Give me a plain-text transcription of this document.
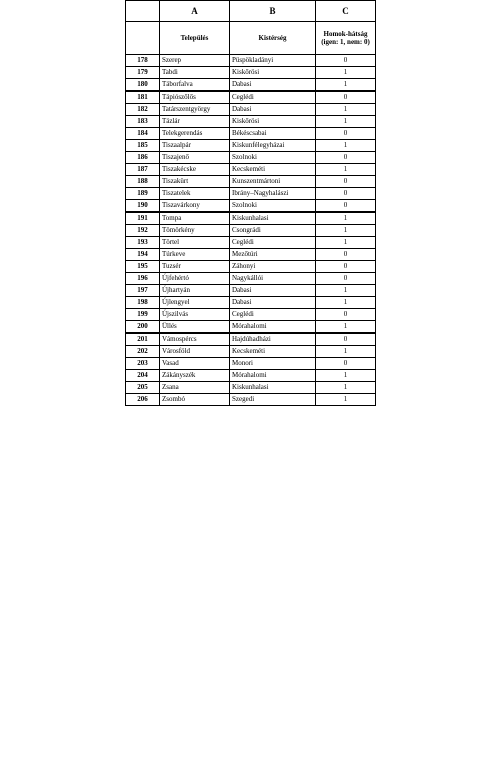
	A	B	C
	Település	Kistérség	Homok-hátság (igen: 1, nem: 0)
178	Szerep	Püspökladányi	0
179	Tabdi	Kiskőrösi	1
180	Táborfalva	Dabasi	1
181	Tápiószőlős	Ceglédi	0
182	Tatárszentgyörgy	Dabasi	1
183	Tázlár	Kiskőrösi	1
184	Telekgerendás	Békéscsabai	0
185	Tiszaalpár	Kiskunfélegyházai	1
186	Tiszajenő	Szolnoki	0
187	Tiszakécske	Kecskeméti	1
188	Tiszakürt	Kunszentmártoni	0
189	Tiszatelek	Ibrány–Nagyhalászi	0
190	Tiszavárkony	Szolnoki	0
191	Tompa	Kiskunhalasi	1
192	Tömörkény	Csongrádi	1
193	Törtel	Ceglédi	1
194	Túrkeve	Mezőtúri	0
195	Tuzsér	Záhonyi	0
196	Újfehértó	Nagykállói	0
197	Újhartyán	Dabasi	1
198	Újlengyel	Dabasi	1
199	Újszilvás	Ceglédi	0
200	Üllés	Mórahalomi	1
201	Vámospércs	Hajdúhadházi	0
202	Városföld	Kecskeméti	1
203	Vasad	Monori	0
204	Zákányszék	Mórahalomi	1
205	Zsana	Kiskunhalasi	1
206	Zsombó	Szegedi	1
